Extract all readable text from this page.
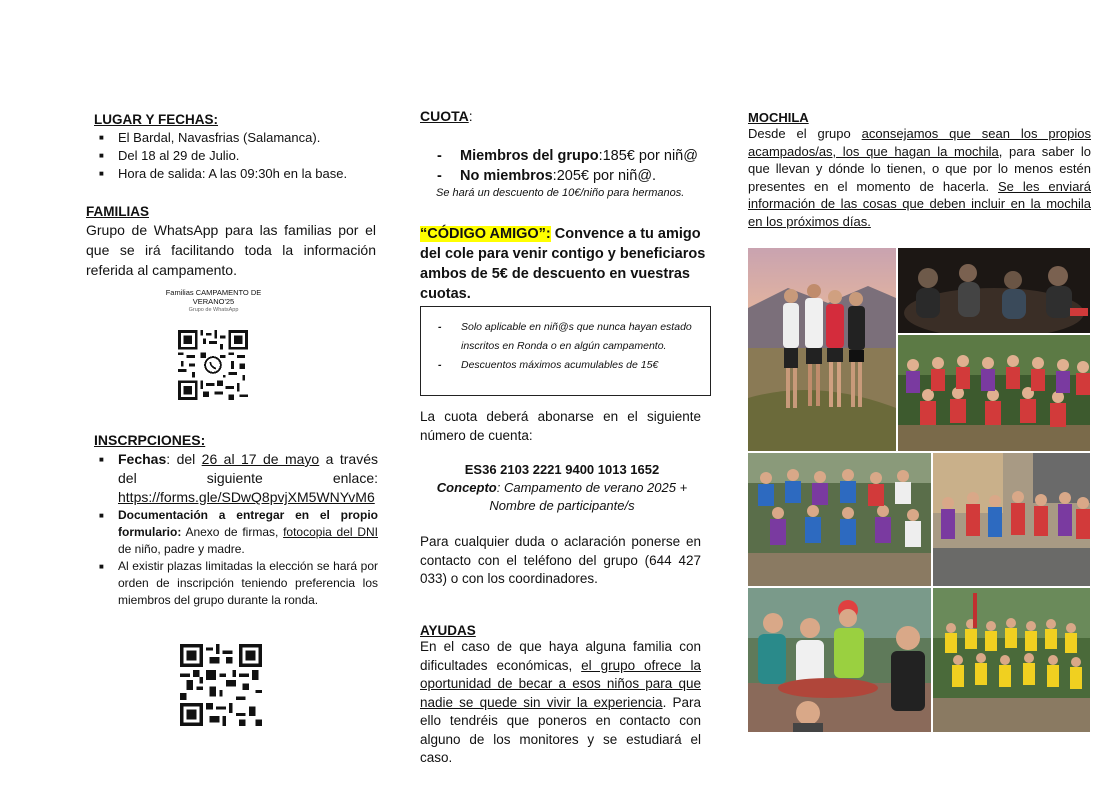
LUGAR Y FECHAS:
■ El Bardal, Navasfrias (Salamanca).
■ Del 18 al 29 de Julio.
■ Hora de salida: A las 09:30h en la base.
FAMILIAS
Grupo de WhatsApp para las familias por el que se irá facilitando toda la información referida al campamento.
Familias CAMPAMENTO DE VERANO'25
Grupo de WhatsApp
INSCRPCIONES:
■ Fechas: del 26 al 17 de mayo a través del siguiente enlace: https://forms.gle/SDwQ8pvjXM5WNYvM6
■ Documentación a entregar en el propio formulario: Anexo de firmas, fotocopia del DNI de niño, padre y madre.
■ Al existir plazas limitadas la elección se hará por orden de inscripción teniendo preferencia los miembros del grupo durante la ronda.
CUOTA:
- Miembros del grupo:185€ por niñ@
- No miembros:205€ por niñ@.
Se hará un descuento de 10€/niño para hermanos.
“CÓDIGO AMIGO”: Convence a tu amigo del cole para venir contigo y beneficiaros ambos de 5€ de descuento en vuestras cuotas.
- Solo aplicable en niñ@s que nunca hayan estado inscritos en Ronda o en algún campamento.
- Descuentos máximos acumulables de 15€
La cuota deberá abonarse en el siguiente número de cuenta:
ES36 2103 2221 9400 1013 1652
Concepto: Campamento de verano 2025 + Nombre de participante/s
Para cualquier duda o aclaración ponerse en contacto con el teléfono del grupo (644 427 033) o con los coordinadores.
AYUDAS
En el caso de que haya alguna familia con dificultades económicas, el grupo ofrece la oportunidad de becar a esos niños para que nadie se quede sin vivir la experiencia. Para ello tendréis que poneros en contacto con alguno de los monitores y se estudiará el caso.
MOCHILA
Desde el grupo aconsejamos que sean los propios acampados/as, los que hagan la mochila, para saber lo que llevan y dónde lo tienen, o que por lo menos estén presentes en el momento de hacerla. Se les enviará información de las cosas que deben incluir en la mochila en los próximos días.
